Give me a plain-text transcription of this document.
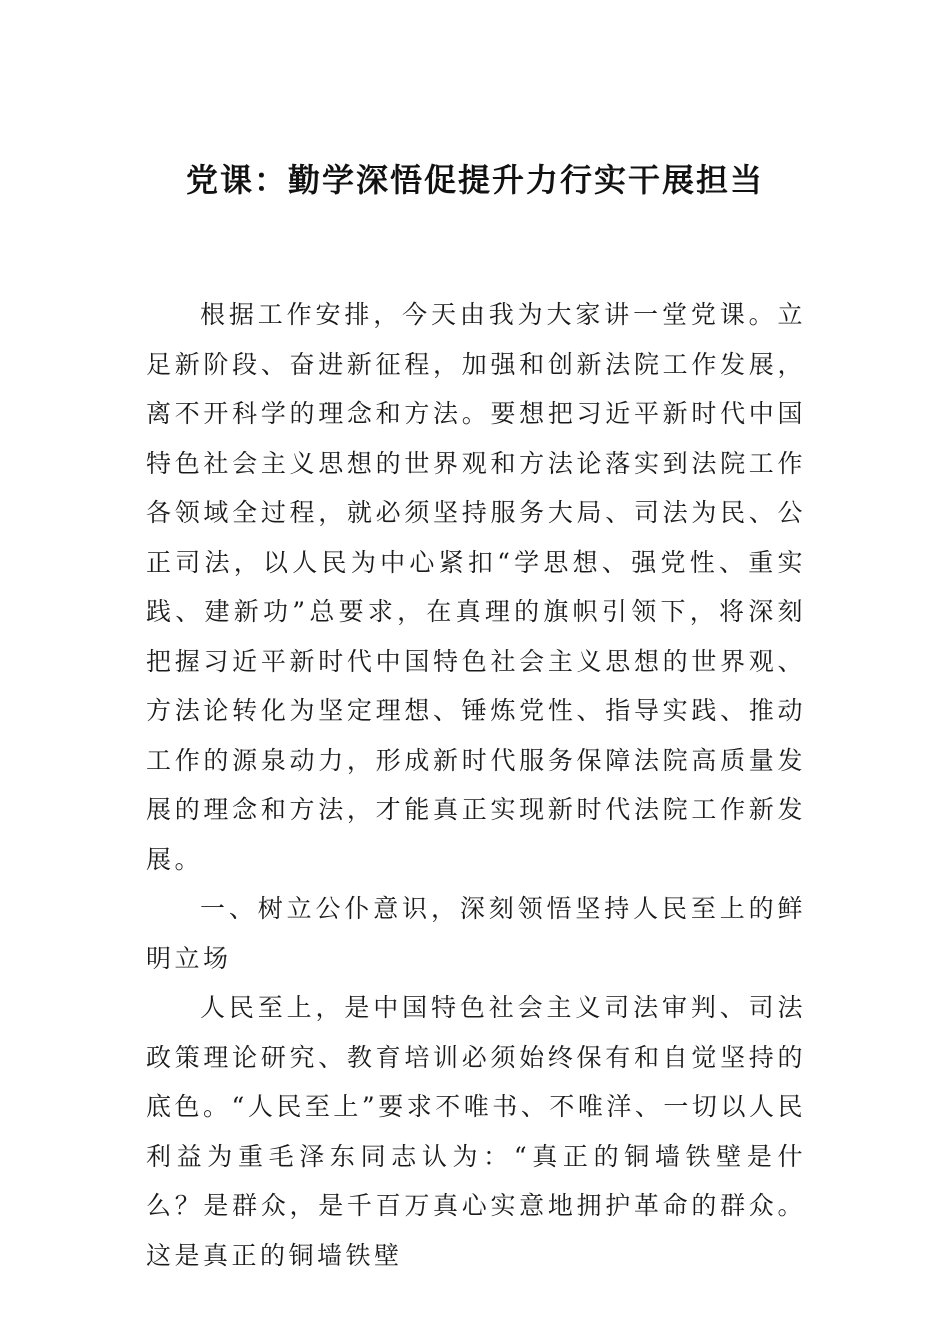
党课：勤学深悟促提升力行实干展担当

根据工作安排，今天由我为大家讲一堂党课。立足新阶段、奋进新征程，加强和创新法院工作发展，离不开科学的理念和方法。要想把习近平新时代中国特色社会主义思想的世界观和方法论落实到法院工作各领域全过程，就必须坚持服务大局、司法为民、公正司法，以人民为中心紧扣“学思想、强党性、重实践、建新功”总要求，在真理的旗帜引领下，将深刻把握习近平新时代中国特色社会主义思想的世界观、方法论转化为坚定理想、锤炼党性、指导实践、推动工作的源泉动力，形成新时代服务保障法院高质量发展的理念和方法，才能真正实现新时代法院工作新发展。

一、树立公仆意识，深刻领悟坚持人民至上的鲜明立场

人民至上，是中国特色社会主义司法审判、司法政策理论研究、教育培训必须始终保有和自觉坚持的底色。“人民至上”要求不唯书、不唯洋、一切以人民利益为重毛泽东同志认为：“真正的铜墙铁壁是什么？是群众，是千百万真心实意地拥护革命的群众。这是真正的铜墙铁壁
